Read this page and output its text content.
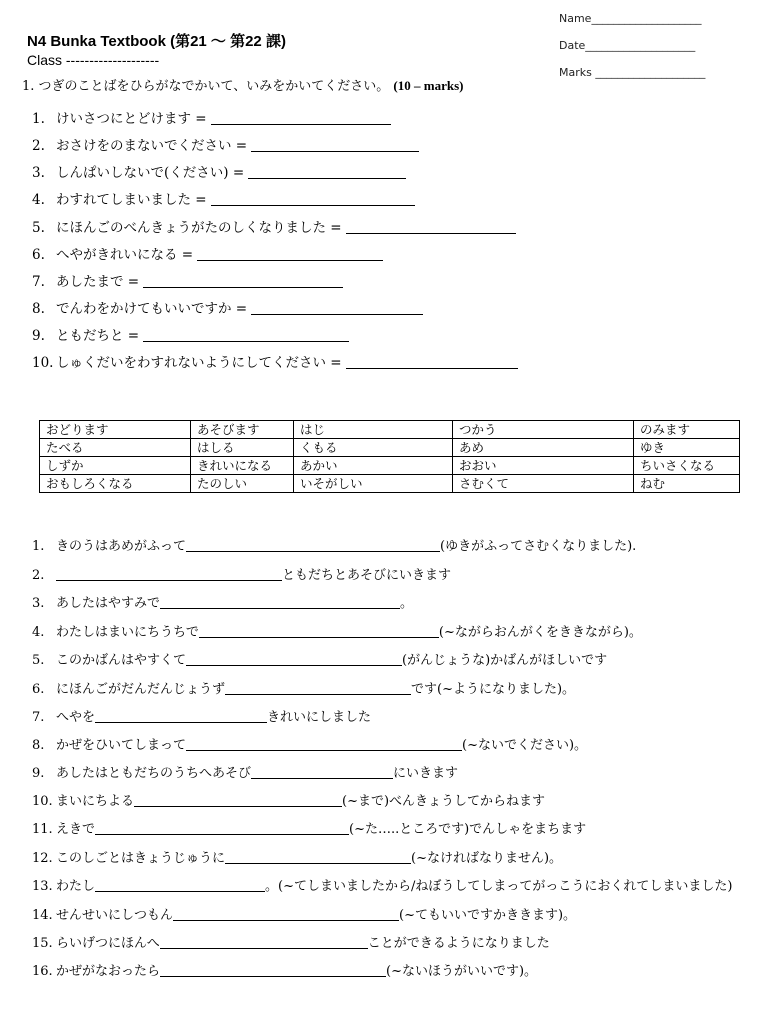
N4 Bunka Textbook (第21 〜 第22 課)
Class --------------------
Name____________________
Date____________________
Marks ____________________
1. つぎのことばをひらがなでかいて、いみをかいてください。 (10 – marks)
1. けいさつにとどけます =
2. おさけをのまないでください =
3. しんぱいしないで(ください) =
4. わすれてしまいました =
5. にほんごのべんきょうがたのしくなりました =
6. へやがきれいになる =
7. あしたまで =
8. でんわをかけてもいいですか =
9. ともだちと =
10. しゅくだいをわすれないようにしてください =
おどります	あそびます	はじ	つかう	のみます
たべる	はしる	くもる	あめ	ゆき
しずか	きれいになる	あかい	おおい	ちいさくなる
おもしろくなる	たのしい	いそがしい	さむくて	ねむ
1. きのうはあめがふって	(ゆきがふってさむくなりました).
2.	ともだちとあそびにいきます
3. あしたはやすみで	。
4. わたしはまいにちうちで	(~ながらおんがくをききながら)。
5. このかばんはやすくて	(がんじょうな)かばんがほしいです
6. にほんごがだんだんじょうず	です(~ようになりました)。
7. へやを	きれいにしました
8. かぜをひいてしまって	(~ないでください)。
9. あしたはともだちのうちへあそび	にいきます
10. まいにちよる	(~まで)べんきょうしてからねます
11. えきで	(~た…..ところです)でんしゃをまちます
12. このしごとはきょうじゅうに	(~なければなりません)。
13. わたし	。(~てしまいましたから/ねぼうしてしまってがっこうにおくれてしまいました)
14. せんせいにしつもん	(~てもいいですかききます)。
15. らいげつにほんへ	ことができるようになりました
16. かぜがなおったら	(~ないほうがいいです)。
